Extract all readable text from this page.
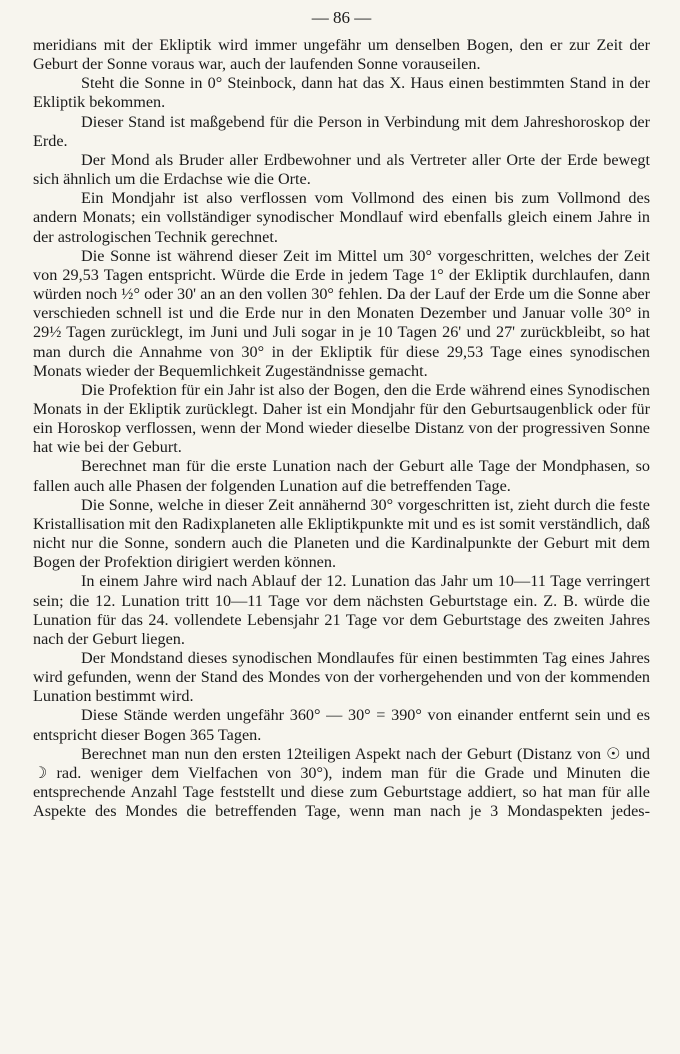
— 86 —

meridians mit der Ekliptik wird immer ungefähr um denselben Bogen, den er zur Zeit der Geburt der Sonne voraus war, auch der laufenden Sonne vorauseilen.

Steht die Sonne in 0° Steinbock, dann hat das X. Haus einen bestimmten Stand in der Ekliptik bekommen.

Dieser Stand ist maßgebend für die Person in Verbindung mit dem Jahreshoroskop der Erde.

Der Mond als Bruder aller Erdbewohner und als Vertreter aller Orte der Erde bewegt sich ähnlich um die Erdachse wie die Orte.

Ein Mondjahr ist also verflossen vom Vollmond des einen bis zum Vollmond des andern Monats; ein vollständiger synodischer Mondlauf wird ebenfalls gleich einem Jahre in der astrologischen Technik gerechnet.

Die Sonne ist während dieser Zeit im Mittel um 30° vorgeschritten, welches der Zeit von 29,53 Tagen entspricht. Würde die Erde in jedem Tage 1° der Ekliptik durchlaufen, dann würden noch ½° oder 30' an an den vollen 30° fehlen. Da der Lauf der Erde um die Sonne aber verschieden schnell ist und die Erde nur in den Monaten Dezember und Januar volle 30° in 29½ Tagen zurücklegt, im Juni und Juli sogar in je 10 Tagen 26' und 27' zurückbleibt, so hat man durch die Annahme von 30° in der Ekliptik für diese 29,53 Tage eines synodischen Monats wieder der Bequemlichkeit Zugeständnisse gemacht.

Die Profektion für ein Jahr ist also der Bogen, den die Erde während eines Synodischen Monats in der Ekliptik zurücklegt. Daher ist ein Mondjahr für den Geburtsaugenblick oder für ein Horoskop verflossen, wenn der Mond wieder dieselbe Distanz von der progressiven Sonne hat wie bei der Geburt.

Berechnet man für die erste Lunation nach der Geburt alle Tage der Mondphasen, so fallen auch alle Phasen der folgenden Lunation auf die betreffenden Tage.

Die Sonne, welche in dieser Zeit annähernd 30° vorgeschritten ist, zieht durch die feste Kristallisation mit den Radixplaneten alle Ekliptikpunkte mit und es ist somit verständlich, daß nicht nur die Sonne, sondern auch die Planeten und die Kardinalpunkte der Geburt mit dem Bogen der Profektion dirigiert werden können.

In einem Jahre wird nach Ablauf der 12. Lunation das Jahr um 10—11 Tage verringert sein; die 12. Lunation tritt 10—11 Tage vor dem nächsten Geburtstage ein. Z. B. würde die Lunation für das 24. vollendete Lebensjahr 21 Tage vor dem Geburtstage des zweiten Jahres nach der Geburt liegen.

Der Mondstand dieses synodischen Mondlaufes für einen bestimmten Tag eines Jahres wird gefunden, wenn der Stand des Mondes von der vorhergehenden und von der kommenden Lunation bestimmt wird.

Diese Stände werden ungefähr 360° — 30° = 390° von einander entfernt sein und es entspricht dieser Bogen 365 Tagen.

Berechnet man nun den ersten 12teiligen Aspekt nach der Geburt (Distanz von ☉ und ☽ rad. weniger dem Vielfachen von 30°), indem man für die Grade und Minuten die entsprechende Anzahl Tage feststellt und diese zum Geburtstage addiert, so hat man für alle Aspekte des Mondes die betreffenden Tage, wenn man nach je 3 Mondaspekten jedes-
